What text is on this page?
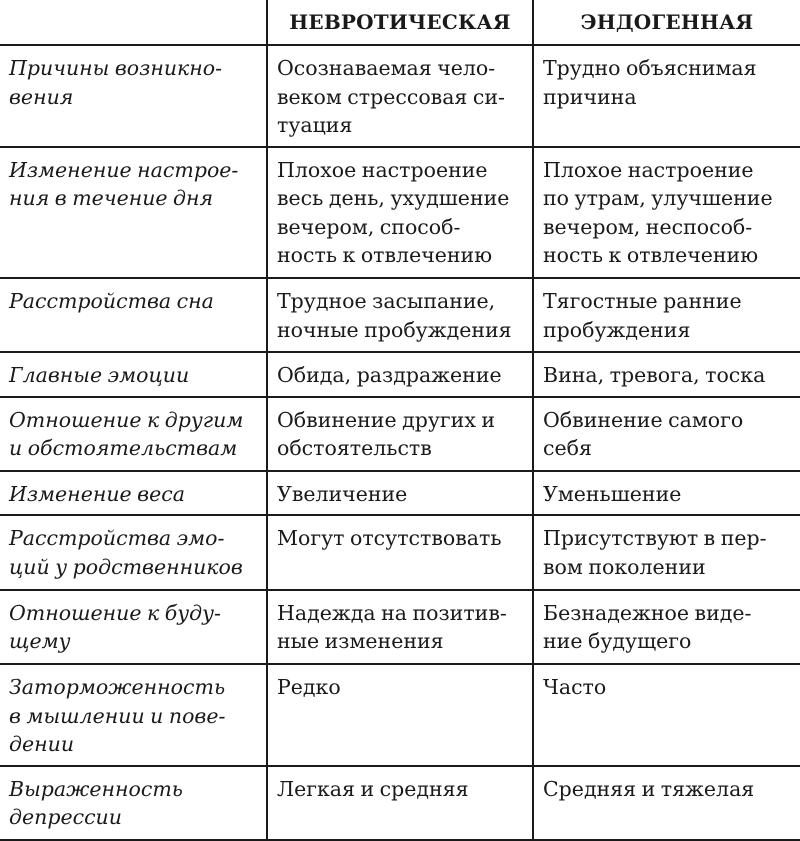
	НЕВРОТИЧЕСКАЯ	ЭНДОГЕННАЯ

Причины возникно-
вения	Осознаваемая чело-
веком стрессовая си-
туация	Трудно объяснимая
причина

Изменение настрое-
ния в течение дня	Плохое настроение
весь день, ухудшение
вечером, способ-
ность к отвлечению	Плохое настроение
по утрам, улучшение
вечером, неспособ-
ность к отвлечению

Расстройства сна	Трудное засыпание,
ночные пробуждения	Тягостные ранние
пробуждения

Главные эмоции	Обида, раздражение	Вина, тревога, тоска

Отношение к другим
и обстоятельствам	Обвинение других и
обстоятельств	Обвинение самого
себя

Изменение веса	Увеличение	Уменьшение

Расстройства эмо-
ций у родственников	Могут отсутствовать	Присутствуют в пер-
вом поколении

Отношение к буду-
щему	Надежда на позитив-
ные изменения	Безнадежное виде-
ние будущего

Заторможенность
в мышлении и пове-
дении	Редко	Часто

Выраженность
депрессии	Легкая и средняя	Средняя и тяжелая
